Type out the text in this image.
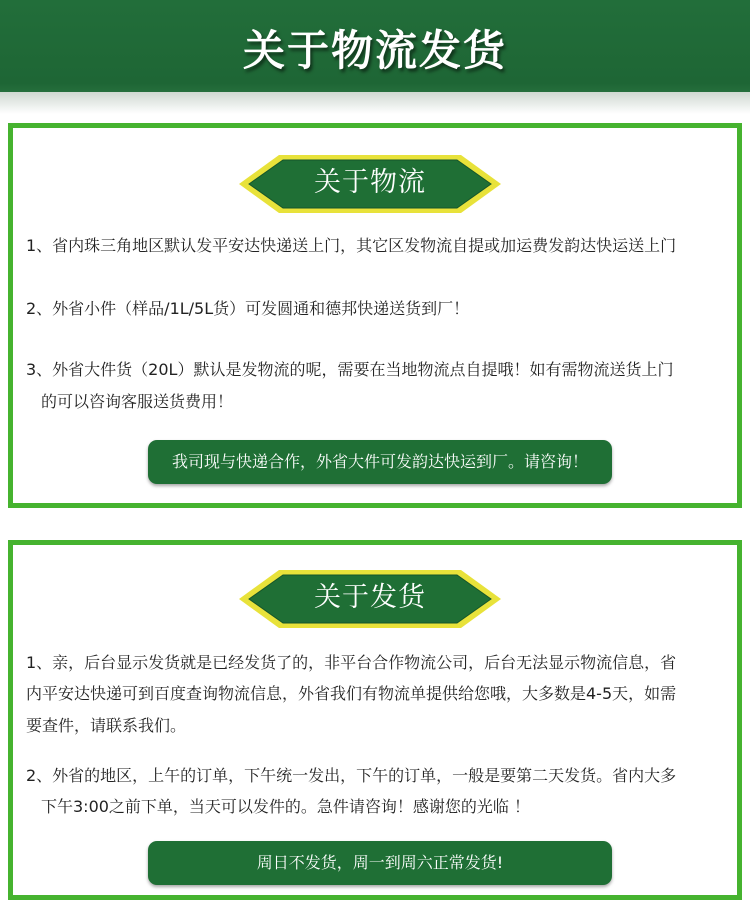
关于物流发货
关于物流
1、省内珠三角地区默认发平安达快递送上门，其它区发物流自提或加运费发韵达快运送上门
2、外省小件（样品/1L/5L货）可发圆通和德邦快递送货到厂！
3、外省大件货（20L）默认是发物流的呢，需要在当地物流点自提哦！如有需物流送货上门
的可以咨询客服送货费用！
我司现与快递合作，外省大件可发韵达快运到厂。请咨询！
关于发货
1、亲，后台显示发货就是已经发货了的，非平台合作物流公司，后台无法显示物流信息，省
内平安达快递可到百度查询物流信息，外省我们有物流单提供给您哦，大多数是4-5天，如需
要查件，请联系我们。
2、外省的地区，上午的订单，下午统一发出，下午的订单，一般是要第二天发货。省内大多
下午3:00之前下单，当天可以发件的。急件请咨询！感谢您的光临 ！
周日不发货，周一到周六正常发货!
